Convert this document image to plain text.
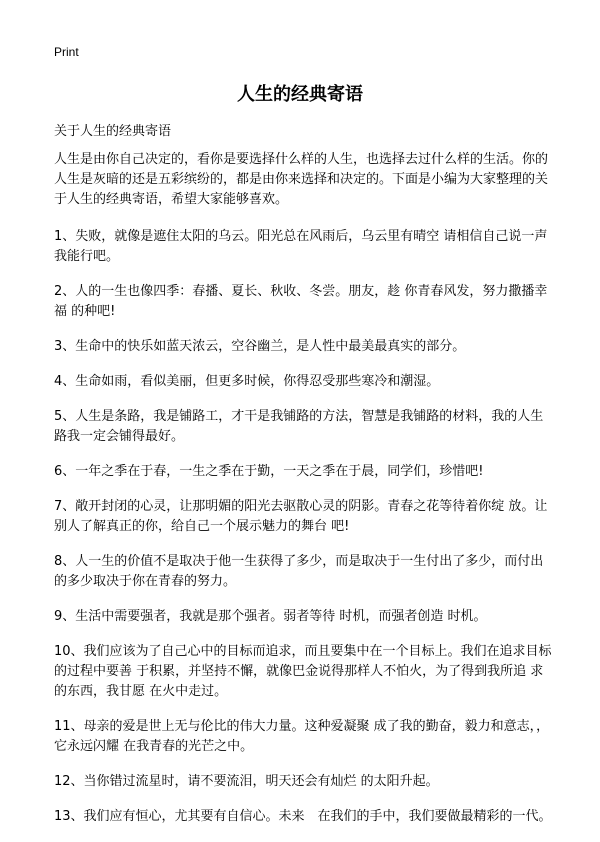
Print
人生的经典寄语
关于人生的经典寄语

人生是由你自己决定的，看你是要选择什么样的人生，也选择去过什么样的生活。你的人生是灰暗的还是五彩缤纷的，都是由你来选择和决定的。下面是小编为大家整理的关于人生的经典寄语，希望大家能够喜欢。

1、失败，就像是遮住太阳的乌云。阳光总在风雨后，乌云里有晴空 请相信自己说一声我能行吧。

2、人的一生也像四季：春播、夏长、秋收、冬尝。朋友，趁 你青春风发，努力撒播幸福 的种吧!

3、生命中的快乐如蓝天浓云，空谷幽兰，是人性中最美最真实的部分。

4、生命如雨，看似美丽，但更多时候，你得忍受那些寒冷和潮湿。

5、人生是条路，我是铺路工，才干是我铺路的方法，智慧是我铺路的材料，我的人生路我一定会铺得最好。

6、一年之季在于春，一生之季在于勤，一天之季在于晨，同学们，珍惜吧!

7、敞开封闭的心灵，让那明媚的阳光去驱散心灵的阴影。青春之花等待着你绽 放。让别人了解真正的你，给自己一个展示魅力的舞台 吧!

8、人一生的价值不是取决于他一生获得了多少，而是取决于一生付出了多少，而付出的多少取决于你在青春的努力。

9、生活中需要强者，我就是那个强者。弱者等待 时机，而强者创造 时机。

10、我们应该为了自己心中的目标而追求，而且要集中在一个目标上。我们在追求目标的过程中要善 于积累，并坚持不懈，就像巴金说得那样人不怕火，为了得到我所追 求的东西，我甘愿 在火中走过。

11、母亲的爱是世上无与伦比的伟大力量。这种爱凝聚 成了我的勤奋，毅力和意志，，它永远闪耀 在我青春的光芒之中。

12、当你错过流星时，请不要流泪，明天还会有灿烂 的太阳升起。

13、我们应有恒心，尤其要有自信心。未来　在我们的手中，我们要做最精彩的一代。
